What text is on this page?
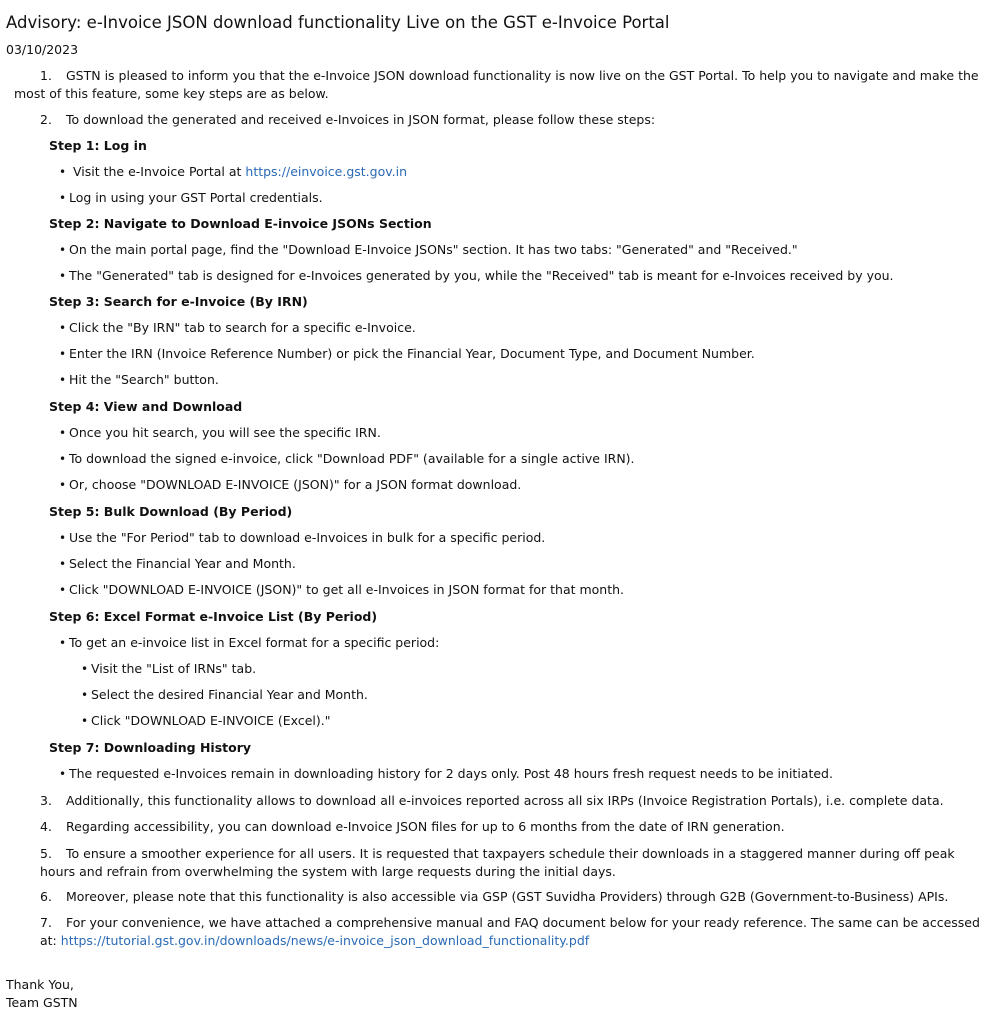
Advisory: e-Invoice JSON download functionality Live on the GST e-Invoice Portal
03/10/2023
1. GSTN is pleased to inform you that the e-Invoice JSON download functionality is now live on the GST Portal. To help you to navigate and make the
most of this feature, some key steps are as below.
2. To download the generated and received e-Invoices in JSON format, please follow these steps:
Step 1: Log in
• Visit the e-Invoice Portal at https://einvoice.gst.gov.in
• Log in using your GST Portal credentials.
Step 2: Navigate to Download E-invoice JSONs Section
• On the main portal page, find the "Download E-Invoice JSONs" section. It has two tabs: "Generated" and "Received."
• The "Generated" tab is designed for e-Invoices generated by you, while the "Received" tab is meant for e-Invoices received by you.
Step 3: Search for e-Invoice (By IRN)
• Click the "By IRN" tab to search for a specific e-Invoice.
• Enter the IRN (Invoice Reference Number) or pick the Financial Year, Document Type, and Document Number.
• Hit the "Search" button.
Step 4: View and Download
• Once you hit search, you will see the specific IRN.
• To download the signed e-invoice, click "Download PDF" (available for a single active IRN).
• Or, choose "DOWNLOAD E-INVOICE (JSON)" for a JSON format download.
Step 5: Bulk Download (By Period)
• Use the "For Period" tab to download e-Invoices in bulk for a specific period.
• Select the Financial Year and Month.
• Click "DOWNLOAD E-INVOICE (JSON)" to get all e-Invoices in JSON format for that month.
Step 6: Excel Format e-Invoice List (By Period)
• To get an e-invoice list in Excel format for a specific period:
• Visit the "List of IRNs" tab.
• Select the desired Financial Year and Month.
• Click "DOWNLOAD E-INVOICE (Excel)."
Step 7: Downloading History
• The requested e-Invoices remain in downloading history for 2 days only. Post 48 hours fresh request needs to be initiated.
3. Additionally, this functionality allows to download all e-invoices reported across all six IRPs (Invoice Registration Portals), i.e. complete data.
4. Regarding accessibility, you can download e-Invoice JSON files for up to 6 months from the date of IRN generation.
5. To ensure a smoother experience for all users. It is requested that taxpayers schedule their downloads in a staggered manner during off peak
hours and refrain from overwhelming the system with large requests during the initial days.
6. Moreover, please note that this functionality is also accessible via GSP (GST Suvidha Providers) through G2B (Government-to-Business) APIs.
7. For your convenience, we have attached a comprehensive manual and FAQ document below for your ready reference. The same can be accessed
at: https://tutorial.gst.gov.in/downloads/news/e-invoice_json_download_functionality.pdf
Thank You,
Team GSTN
